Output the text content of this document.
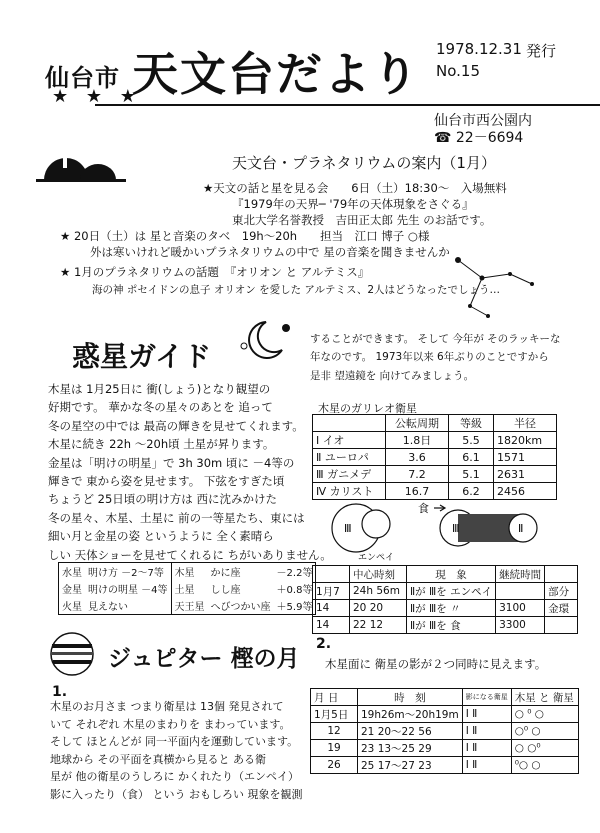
仙台市 天文台だより
★ ★ ★
1978.12.31 発行
No.15
仙台市西公園内
☎ 22－6694
天文台・プラネタリウムの案内（1月）
★天文の話と星を見る会　　6日（土）18:30～　入場無料
『1979年の天界─ '79年の天体現象をさぐる』
東北大学名誉教授　吉田正太郎 先生 のお話です。
★ 20日（土）は 星と音楽のタベ　19h～20h　　担当　江口 博子 ○様
外は寒いけれど暖かいプラネタリウムの中で 星の音楽を聞きませんか
★ 1月のプラネタリウムの話題　『オリオン と アルテミス』
海の神 ポセイドンの息子 オリオン を愛した アルテミス、2人はどうなったでしょう…
惑星ガイド
木星は 1月25日に 衝(しょう)となり観望の
好期です。 華かな冬の星々のあとを 追って
冬の星空の中では 最高の輝きを見せてくれます。
木星に続き 22h ～20h頃 土星が昇ります。
金星は「明けの明星」で 3h 30m 頃に －4等の
輝きで 東から姿を見せます。 下弦をすぎた頃
ちょうど 25日頃の明け方は 西に沈みかけた
冬の星々、木星、土星に 前の一等星たち、東には
細い月と金星の姿 というように 全く素晴ら
しい 天体ショーを見せてくれるに ちがいありません。
水星	明け方 －2～7等	木星	かに座	－2.2等
金星	明けの明星 －4等	土星	しし座	＋0.8等
火星	見えない	天王星	へびつかい座	＋5.9等
することができます。 そして 今年が そのラッキーな
年なのです。 1973年以来 6年ぶりのことですから
是非 望遠鏡を 向けてみましょう。
木星のガリレオ衛星
	公転周期	等級	半径
Ⅰ イオ	1.8日	5.5	1820km
Ⅱ ユーロパ	3.6	6.1	1571
Ⅲ ガニメデ	7.2	5.1	2631
Ⅳ カリスト	16.7	6.2	2456
Ⅲ
エンペイ
食
Ⅲ	Ⅱ
	中心時刻	現　象	継続時間	
1月7	24h 56m	Ⅱが Ⅲを エンペイ		部分
14	20 20	Ⅱが Ⅲを 〃	3100	金環
14	22 12	Ⅱが Ⅲを 食	3300	
2.
木星面に 衛星の影が２つ同時に見えます。
月 日	時　刻	影になる衛星	木星 と 衛星
1月5日	19h26m～20h19m	Ⅰ Ⅱ	○ ⁰ ○
12	21 20～22 56	Ⅰ Ⅱ	○⁰ ○
19	23 13～25 29	Ⅰ Ⅱ	○ ○⁰
26	25 17～27 23	Ⅰ Ⅱ	⁰○ ○
ジュピター 樫の月
1.
木星のお月さま つまり衛星は 13個 発見されて
いて それぞれ 木星のまわりを まわっています。
そして ほとんどが 同一平面内を運動しています。
地球から その平面を真横から見ると ある衛
星が 他の衛星のうしろに かくれたり（エンペイ）
影に入ったり（食） という おもしろい 現象を観測
